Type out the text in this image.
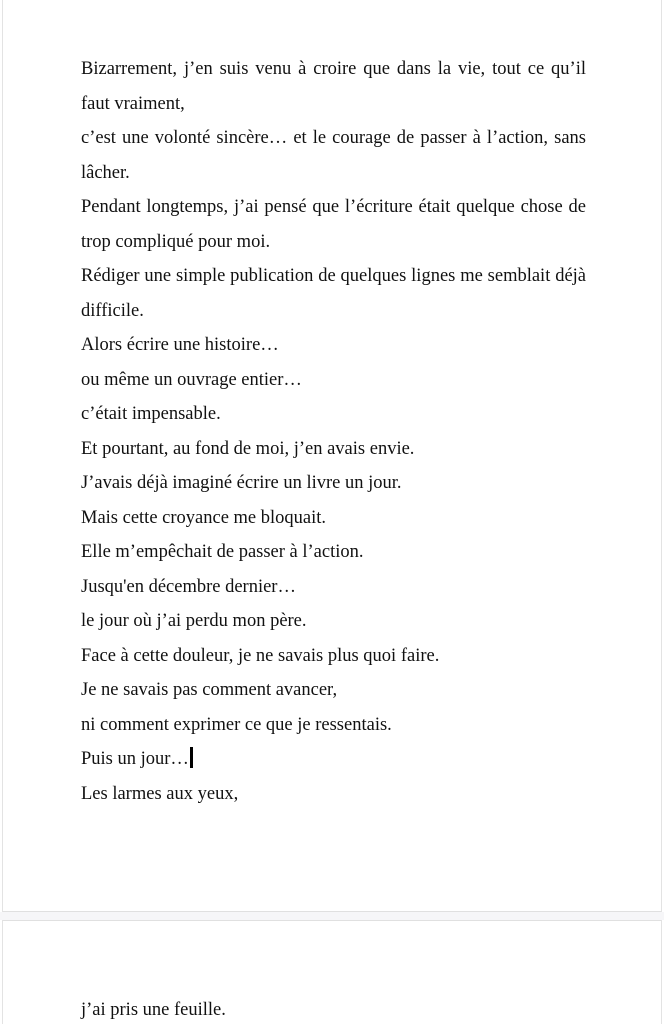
Bizarrement, j’en suis venu à croire que dans la vie, tout ce qu’il faut vraiment,

c’est une volonté sincère… et le courage de passer à l’action, sans lâcher.

Pendant longtemps, j’ai pensé que l’écriture était quelque chose de trop compliqué pour moi.

Rédiger une simple publication de quelques lignes me semblait déjà difficile.

Alors écrire une histoire…

ou même un ouvrage entier…

c’était impensable.

Et pourtant, au fond de moi, j’en avais envie.

J’avais déjà imaginé écrire un livre un jour.

Mais cette croyance me bloquait.

Elle m’empêchait de passer à l’action.

Jusqu'en décembre dernier…

le jour où j’ai perdu mon père.

Face à cette douleur, je ne savais plus quoi faire.

Je ne savais pas comment avancer,

ni comment exprimer ce que je ressentais.

Puis un jour…

Les larmes aux yeux,

j’ai pris une feuille.
